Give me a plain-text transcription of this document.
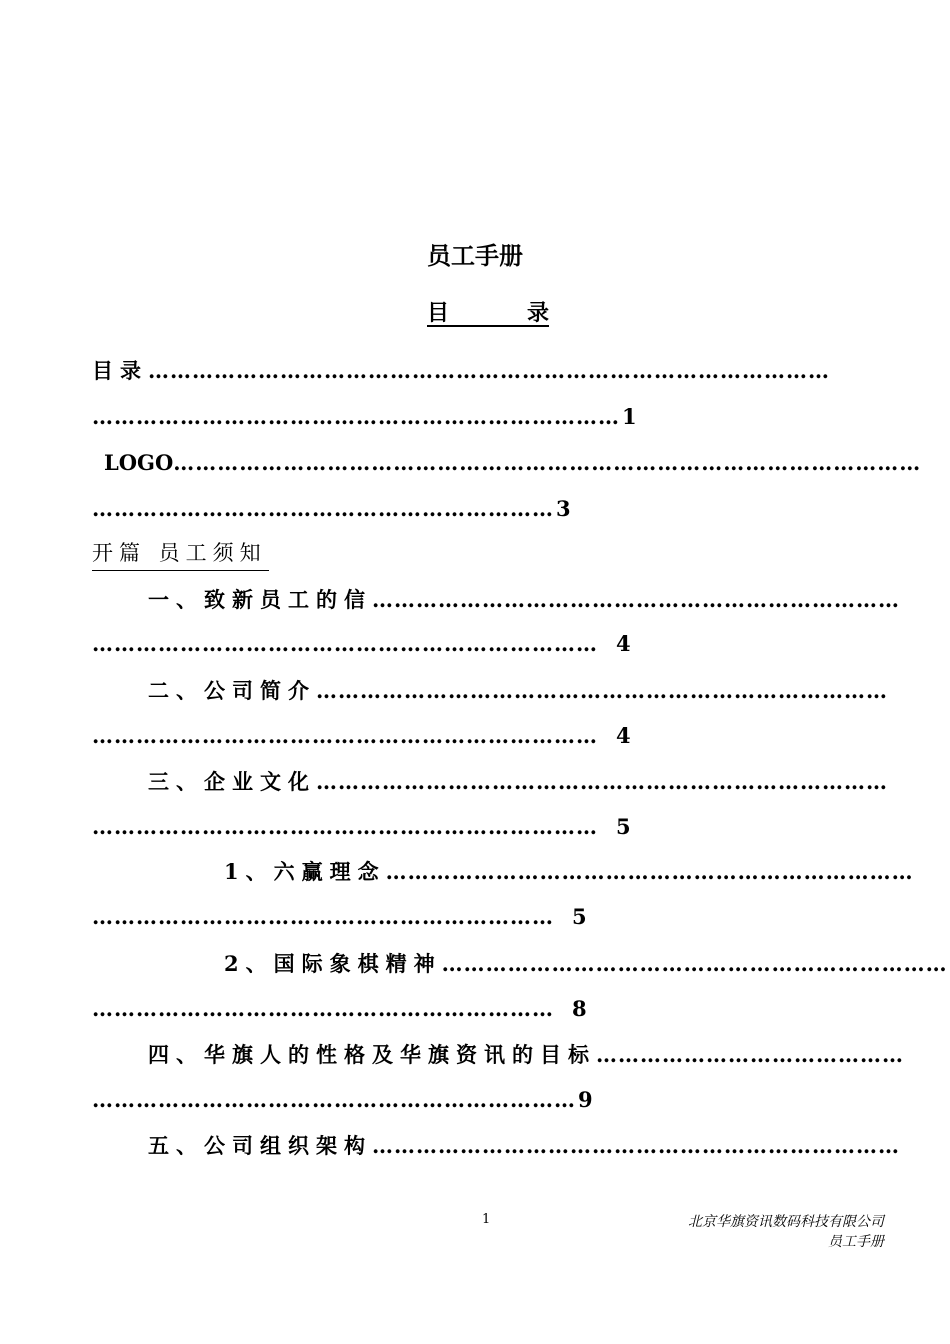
员工手册
目	录
目录…………………………………………………………………………………
………………………………………………………………1
LOGO…………………………………………………………………………………………
………………………………………………………3
开篇 员工须知
一、致新员工的信………………………………………………………………
…………………………………………………………… 4
二、公司简介……………………………………………………………………
…………………………………………………………… 4
三、企业文化……………………………………………………………………
…………………………………………………………… 5
1、六赢理念………………………………………………………………
……………………………………………………… 5
2、国际象棋精神……………………………………………………………
……………………………………………………… 8
四、华旗人的性格及华旗资讯的目标……………………………………
…………………………………………………………9
五、公司组织架构………………………………………………………………
1	北京华旗资讯数码科技有限公司
员工手册
